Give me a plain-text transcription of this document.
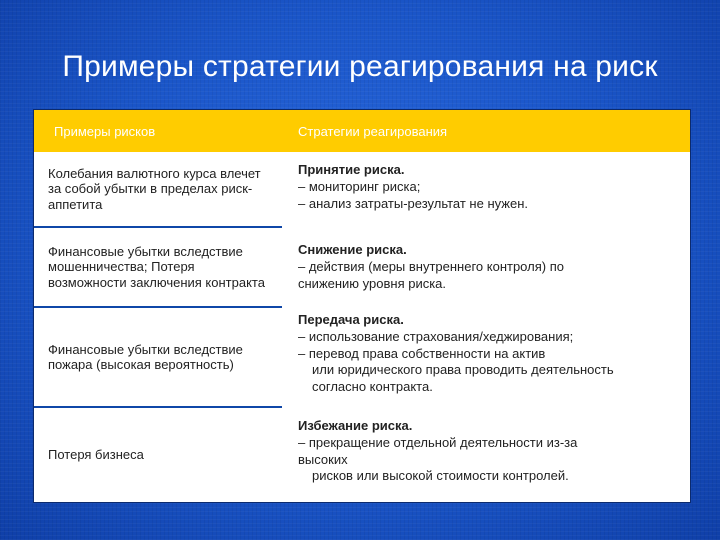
Примеры стратегии реагирования на риск
Примеры рисков	Стратегии реагирования
Колебания валютного курса влечет за собой убытки в пределах риск-аппетита
Финансовые убытки вследствие мошенничества; Потеря возможности заключения контракта
Финансовые убытки вследствие пожара (высокая вероятность)
Потеря бизнеса
Принятие риска.
– мониторинг риска;
– анализ затраты-результат не нужен.
Снижение риска.
– действия (меры внутреннего контроля) по
снижению уровня риска.
Передача риска.
– использование страхования/хеджирования;
– перевод права собственности на актив
или юридического права проводить деятельность
согласно контракта.
Избежание риска.
– прекращение отдельной деятельности из-за
высоких
рисков или высокой стоимости контролей.
